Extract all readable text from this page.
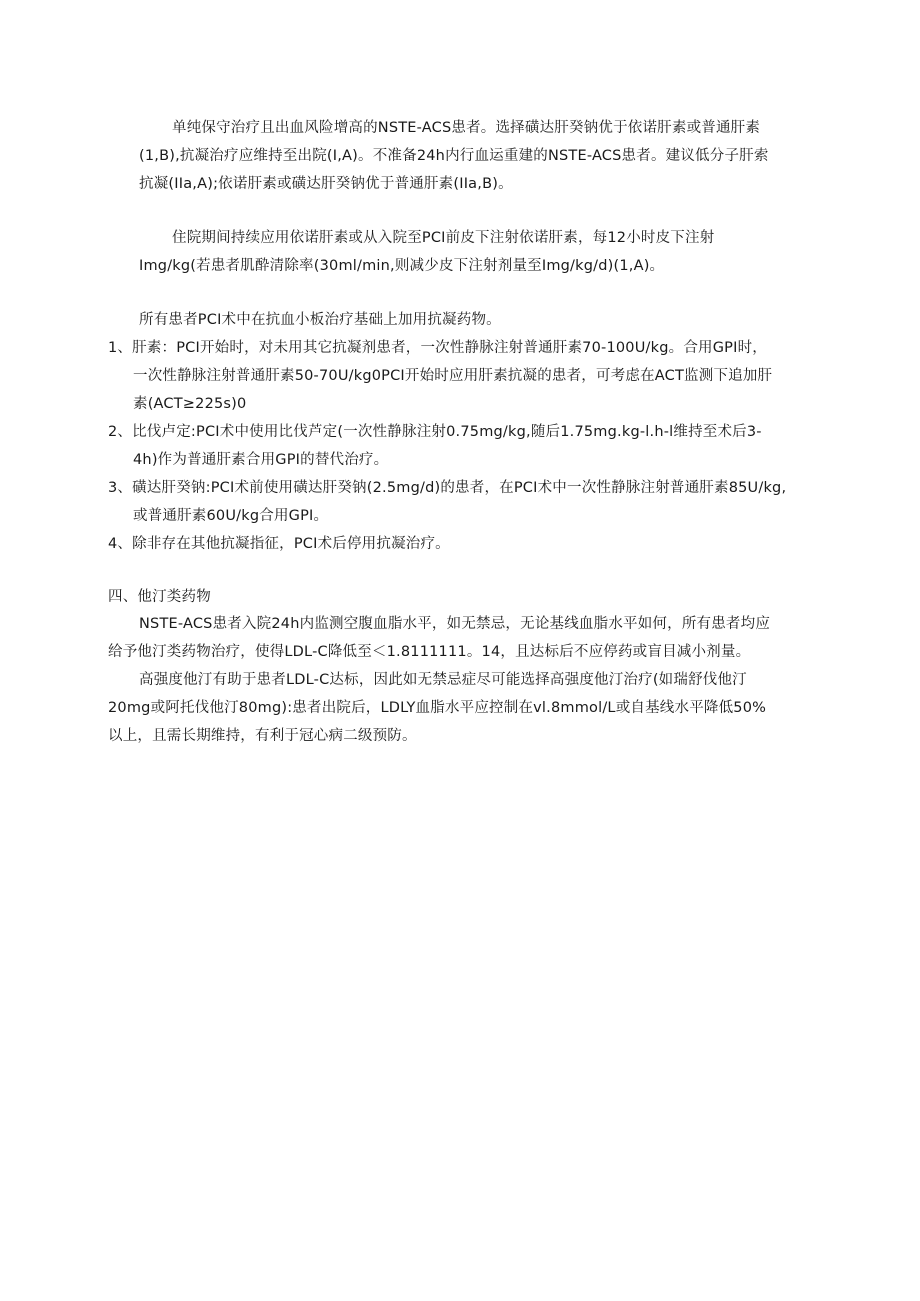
单纯保守治疗且出血风险增高的NSTE-ACS患者。选择磺达肝癸钠优于依诺肝素或普通肝素
(1,B),抗凝治疗应维持至出院(I,A)。不准备24h内行血运重建的NSTE-ACS患者。建议低分子肝索
抗凝(IIa,A);依诺肝素或磺达肝癸钠优于普通肝素(IIa,B)。
住院期间持续应用依诺肝素或从入院至PCI前皮下注射依诺肝素，每12小时皮下注射
Img/kg(若患者肌酔清除率(30ml/min,则减少皮下注射剂量至Img/kg/d)(1,A)。
所有患者PCI术中在抗血小板治疗基础上加用抗凝药物。
1、肝素：PCI开始时，对未用其它抗凝剂患者，一次性静脉注射普通肝素70-100U/kg。合用GPI时，
一次性静脉注射普通肝素50-70U/kg0PCI开始时应用肝素抗凝的患者，可考虑在ACT监测下追加肝
素(ACT≥225s)0
2、比伐卢定:PCI术中使用比伐芦定(一次性静脉注射0.75mg/kg,随后1.75mg.kg-l.h-l维持至术后3-
4h)作为普通肝素合用GPI的替代治疗。
3、磺达肝癸钠:PCI术前使用磺达肝癸钠(2.5mg/d)的患者，在PCI术中一次性静脉注射普通肝素85U/kg,
或普通肝素60U/kg合用GPI。
4、除非存在其他抗凝指征，PCI术后停用抗凝治疗。
四、他汀类药物
NSTE-ACS患者入院24h内监测空腹血脂水平，如无禁忌，无论基线血脂水平如何，所有患者均应
给予他汀类药物治疗，使得LDL-C降低至＜1.8111111。14，且达标后不应停药或盲目减小剂量。
高强度他汀有助于患者LDL-C达标，因此如无禁忌症尽可能选择高强度他汀治疗(如瑞舒伐他汀
20mg或阿托伐他汀80mg):患者出院后，LDLY血脂水平应控制在vl.8mmol/L或自基线水平降低50%
以上，且需长期维持，有利于冠心病二级预防。
